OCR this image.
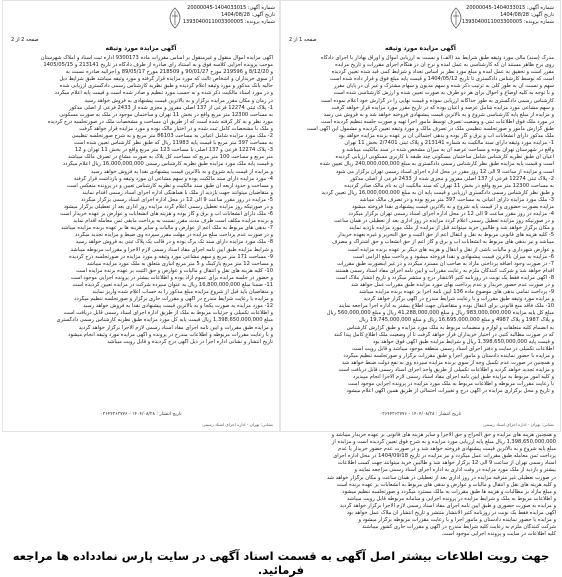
شماره آگهی: 1404033015-20000045
تاریخ آگهی: 1404/08/28
شماره پرونده: 1393040011003300005
صفحه 1 از 2
آگهی مزایده مورد وثیقه
مدرک (سند) مالی مورد وثیقه طبق شرایط بند (الف) و نسبت به ارزیابی اموال و اوراق بهادار با اجرای دادگاه
روی برج ظاهر مستند آن که کارشناسی به عمل آمده و نرخ آن در هنگام اجرای مقررات و تاریخ مزایده
مقرر است و تحقیق به عمل آمده و مبلغ مورد نظر بر اساس تعداد و شرایط کمی قید شده تعیین گردیده
است که توسط کارشناس دادگستری تا تاریخ 1404/05/12 و قیمت پایه مبلغ فوق و قرار داده شده است
سهم و نسبت آن به طور کلی به ترتیب ذکر شده و سهم مدیون و سهام مشترک و غیر آن در پایان مقرر
و با توجه به کلیه اوضاع و احوال برای هر دو طرف به صورت تعیین شده و ارزش کارشناسی شده است
کارشناس رسمی دادگستری به طور جداگانه ارزیابی نموده و قیمت نهایی را در گزارش خود اعلام نموده است
و سهم مشاعی مورد مزایده شامل عرصه و اعیان بوده که در تاریخ مقرر مورد مزایده قرار خواهد گرفت
و مزایده از مبلغ پایه کارشناسی شروع و به بالاترین قیمت پیشنهادی فروخته خواهد شد و به فروش می رسد
در مورد ملک فوق اطلاعات ثبتی و وضعیت تصرف توسط مامور اجرا تهیه و صورت جلسه تنظیم گردیده است
طبق گزارش مامور و صورتجلسه تنظیمی ملک در تصرف مالک و مورد وثیقه تعیین گردیده و مشمول این آگهی است
ملک مذکور دارای انشعابات آب و برق و گاز بوده و بدهی احتمالی آن بر عهده برنده مزایده خواهد بود
1- مزایده مورد وثیقه دارای سند مالکیت به شماره 213141 و پلاک ثبتی 2/7401 بخش 11 تهران
واقع در شهرستان تهران بوده و مساحت عرصه آن به میزان مشخص شده در سند مالکیت میباشد و
اعیان آن طبق نظریه کارشناس شامل ساختمان مسکونی چند طبقه با کاربری مسکونی ارزیابی گردیده
است و قیمت پایه مزایده طبق نظر کارشناس رسمی دادگستری به مبلغ 240,000,000,000 ریال تعیین شده
است و مزایده از ساعت 9 الی 12 روز مقرر در محل اداره اجرای اسناد رسمی تهران برگزار می شود
2- پلاک ثبتی 12274 فرعی از 137 اصلی مفروز و مجزی شده از 2433 فرعی از اصلی مذکور
به مساحت 12300 متر مربع واقع در بخش 11 تهران که سند مالکیت آن به نام مالک صادر گردیده
و طبق نظر کارشناس رسمی دادگستری ارزیابی و قیمت پایه آن به مبلغ 16,000,000,000 ریال تعیین گردید
3- ملک مورد مزایده دارای اعیانی به مساحت 397 متر مربع بوده و در تصرف مالک میباشد
مزایده بصورت حضوری و از قیمت پایه شروع و به بالاترین قیمت پیشنهادی نقدا فروخته میشود
4- مزایده در روز مقرر ساعت 9 الی 12 در محل اداره اجرای اسناد رسمی تهران برگزار میگردد
و در صورتیکه روز مزایده تعطیل رسمی اعلام گردد مزایده در روز اداری بعد از تعطیلی در همان ساعت
و مکان برگزار خواهد شد و طالبین خرید میتوانند قبل از مزایده از ملک مورد مزایده بازدید نمایند
5- کلیه هزینه های قانونی مربوط به نقل و انتقال اعم از حق الثبت و حق التحریر و غیره بعهده خریدار
میباشد و نیز بدهی های مربوط به انشعابات آب و برق و گاز اعم از حق انشعاب و حق اشتراک و مصرف
و عوارض شهرداری و مالیات ناشی از نقل و انتقال و هزینه های دیگر بر عهده برنده مزایده است
6- مزایده به میزان بالاترین قیمت پیشنهادی و نقدا فروخته میشود و پرداخت مبلغ الزامی است
7- در صورت وجود اضافه پرداختی مازاد به صاحب آن مسترد میگردد و در غیر اینصورت طبق مقررات
اقدام خواهد شد و شرکت کنندگان ملزم به رعایت مقررات و آیین نامه اجرای مفاد اسناد رسمی هستند
8- آگهی مزایده فقط یک نوبت در روزنامه کثیر الانتشار درج و منتشر میگردد و تاریخ انتشار ملاک است
و در صورت عدم حضور خریدار و عدم پرداخت بهای مورد مزایده طبق مقررات عمل خواهد شد
9- پرداخت تمامی بدهی های موضوع ماده 136 آیین نامه اجرا بر عهده برنده مزایده میباشد
و مزایده مورد وثیقه طبق مقررات و با رعایت شرایط مندرج در آگهی برگزار خواهد گردید
10- ملک فاقد منع قانونی برای انتقال بوده و متقاضیان جهت اطلاع بیشتر به اداره اجرا مراجعه نمایند
مبلغ کل پایه مزایده 983,000,000,000 ریال و مبلغ 41,288,000,000 ریال و مبلغ 560,000,000 ریال
و پلاک 1987 و پلاک 4987 و مبلغ 16,695,000,000 ریال و مبلغ 19,745,000,000 ریال
به انضمام کلیه متعلقات و لوازم و منضمات مربوط به ملک مورد مزایده و طبق گزارش کارشناس
که در صورت مطالبه کتبی در اختیار خریداران قرار خواهد گرفت تا از وضعیت ملک اطلاع کامل پیدا کنند
و قیمت پایه 1,398,650,000,000 ریال و شرایط مزایده طبق آگهی فوق خواهد بود
اطلاعات تکمیلی در سایت و دفتر اجرای اسناد رسمی منطقه موجود میباشد و قابل رویت است
و مزایده با حضور نماینده دادستان و مامور اجرا و طبق مقررات برگزار و صورتجلسه تنظیم میگردد
و همچنین در صورت عدم تکمیل وجه از سوی برنده مزایده سپرده وی به نفع دولت ضبط خواهد شد
و مزایده تجدید خواهد گردید و اطلاعات تکمیلی از طریق واحد اجرای اسناد رسمی قابل دریافت است
و کلیه امور مربوط به مزایده طبق آیین نامه اجرای مفاد اسناد رسمی لازم الاجرا انجام میپذیرد
با رعایت مقررات مربوطه و اطلاعات مربوط به ملک مورد مزایده در پرونده اجرایی موجود است
و تاریخ و محل برگزاری مزایده در آگهی درج و تغییرات احتمالی از طریق همین آگهی اعلام میشود
تاریخ انتشار : ۱۴۰۴/۰۸/۲۸ - ۰۲۶۴۴۲۶۲۷۷۶
نشانی: تهران - اداره اجرای اسناد رسمی
شماره آگهی: 1404033015-20000045
تاریخ آگهی: 1404/08/28
شماره پرونده: 1393040011003300005
صفحه 2 از 2
آگهی مزایده مورد وثیقه
آگهی مزایده اموال منقول و غیرمنقول بر اساس مقررات ماده 9300173 اداره ثبت اسناد و املاک شهرستان
موجب پرونده اجرایی کلاسه فوق و به استناد رای صادره از طرف دادگاه در تاریخ 213141 و 1405/05/15
و 8/12/20 و 219596 مورخ 90/01/27 و 218509 مورخ 89/05/17 و اجرائیه صادره نسبت به
از سوی خریداران و اشخاص ثالث که مورد مزایده قرار گرفته و مورد وثیقه میباشد طبق شرایط ذیل
حالیه بانک مذکور و مورد وثیقه اعلام گردیده و طبق نظریه کارشناس رسمی دادگستری ارزیابی شده
و در مورد اسناد مالکیت ذکر شده و به حسب مورد تنظیم و صادر شده است و قیمت پایه اعلام میگردد
در زمان و مکان مقرر مزایده برگزار و به بالاترین قیمت پیشنهادی به فروش خواهد رسید
1- پلاک ثبتی 12274 فرعی از 137 اصلی مفروز و مجزی شده از 2433 فرعی از اصلی مذکور
به مساحت 12300 متر مربع واقع در بخش 11 تهران و ساختمان موجود در ملک به صورت مسکونی
مورد نظر و به کار گرفته شده است که از طریق آن مساحت و مشخصات ملک در صورتجلسه درج گردیده
و ملک با مشخصات کامل ثبت شده و در اختیار مالک بوده و مورد مزایده قرار خواهد گرفت
2- ملک مورد مزایده شامل اعیانی به مساحت 86103 متر مربع و به شرح صورتجلسه تنظیمی
به مساحت 397 متر مربع با قیمت پایه 11983 ریال که طبق نظر کارشناس تعیین شده است
3- پلاک 12274 فرعی و 137 اصلی با مساحت 123 متر مربع واقع در بخش 11 تهران و 12
متر مربع و مساحت 100 متر مربع که مساحت کل پلاک به صورت مشاع در تصرف مالک میباشد
و قیمت پایه ملک مورد مزایده طبق نظریه کارشناس رسمی 16,000,000,000 ریال اعلام میگردد
و مزایده از قیمت پایه شروع و به بالاترین قیمت پیشنهادی نقدا به فروش خواهد رسید
4- مورد مزایده دارای سند مالکیت بوده و سهم مشاعی آن مورد وثیقه و بازداشت قرار گرفته
و مساحت و حدود اربعه آن طبق سند مالکیت و نظریه کارشناس تعیین و در پرونده منعکس است
و متقاضیان میتوانند جهت بازدید از ملک با هماهنگی اداره اجرای اسناد رسمی اقدام نمایند
5- مزایده در روز مقرر ساعت 9 الی 12 در محل اداره اجرای اسناد رسمی برگزار میگردد
و در صورتیکه روز مزایده تعطیل رسمی اعلام گردد مزایده روز اداری بعد از تعطیلی برگزار میشود
6- ملک دارای انشعابات آب و برق و گاز بوده و هزینه های انشعابات و عوارض بر عهده خریدار است
و برنده مزایده مکلف است ظرف مدت مقرر نسبت به پرداخت مابقی ثمن معامله اقدام نماید
7- بدهی های مربوط به ملک اعم از عوارض و مالیات و سایر هزینه ها بر عهده برنده مزایده میباشد
و در صورت عدم پرداخت مبلغ مزایده در مهلت مقرر سپرده وی ضبط و مزایده تجدید میگردد
8- ملک مورد مزایده دارای سند تک برگ بوده و در قالب یک پلاک ثبتی به فروش خواهد رسید
و شرایط مزایده طبق آیین نامه اجرای مفاد اسناد رسمی لازم الاجرا و مقررات مربوطه میباشد
9- مساحت 171 متر مربع و سهم مشاعی مورد وثیقه و مورد مزایده در صورتجلسه درج گردیده
و مساحت 12 متر مربع پارکینگ و 5 متر مربع انباری متعلق به ملک مورد مزایده میباشد
10- کلیه هزینه های نقل و انتقال و مالیات و عوارض و حق الثبت بر عهده برنده مزایده است
و حضور در جلسه مزایده برای عموم آزاد بوده و اطلاعات بیشتر در پرونده اجرایی موجود است
11- ضمنا مبلغ 16,800,000,000 ریال به عنوان سپرده شرکت در مزایده تعیین گردیده است
و متقاضیان باید قبل از شروع مزایده مبلغ مذکور را به حساب اعلام شده واریز نمایند
و مزایده با رعایت شرایط مندرج در آگهی و مقررات جاری برگزار و صورتجلسه تنظیم میگردد
12- مورد مزایده به صورت یکجا و به بالاترین قیمت پیشنهادی نقدا به فروش خواهد رسید
و اطلاعات تکمیلی و جزئیات مربوط به ملک از طریق اداره اجرای اسناد رسمی قابل دریافت است
مبلغ 1,398,650,000,000 ریال قیمت پایه کل مورد مزایده طبق نظریه کارشناس رسمی دادگستری
و مزایده طبق مقررات و آیین نامه اجرای مفاد اسناد رسمی لازم الاجرا برگزار خواهد گردید
و با رعایت مقررات مربوطه و اطلاعات مندرج در پرونده و آگهی مزایده مورد وثیقه انجام میشود
تاریخ انتشار و نشانی اداره اجرا در ذیل آگهی درج گردیده و قابل رویت میباشد
تاریخ انتشار : ۱۴۰۴/۰۸/۲۸ - ۰۲۶۴۴۲۶۲۷۷۶
نشانی: تهران - اداره اجرای اسناد رسمی
و همچنین هزینه های مزایده و حق الحراج و حق الاجرا و سایر هزینه های قانونی بر عهده خریدار میباشد و
1,398,650,000,000 ریال مبلغ پایه ارزیابی مورد مزایده و به شرح فوق تعیین گردیده است و مزایده از
مبلغ پایه شروع و به بالاترین قیمت پیشنهادی فروخته خواهد شد و در صورت عدم حضور خریدار یا عدم
پرداخت ثمن معامله طبق مقررات عمل میگردد و نیز مزایده در تاریخ 1404/09/18 در محل اداره اجرای
اسناد رسمی تهران از ساعت 9 الی 12 برگزار خواهد شد و طالبین خرید میتوانند جهت کسب اطلاعات
بیشتر و بازدید از ملک مورد مزایده در وقت اداری به اداره اجرای اسناد رسمی مراجعه نمایند و
در صورت تعطیلی غیر مترقبه مزایده در روز اداری بعد از تعطیلی در همان ساعت و مکان برگزار خواهد شد
و کلیه هزینه های نقل و انتقال و مالیات و عوارض و بدهی های مربوط به انشعابات بر عهده برنده است
و مبلغ مازاد بر مطالبات و هزینه ها طبق مقررات به مالک مسترد میگردد و صورتجلسه تنظیم میشود
و اطلاعات مربوط به ملک و شرایط مزایده در پرونده اجرایی و سامانه مربوطه قابل رویت میباشد
و مزایده به صورت حضوری و طبق آیین نامه اجرای مفاد اسناد رسمی لازم الاجرا برگزار خواهد گردید
آگهی مزایده فقط یک نوبت در روزنامه کثیر الانتشار منتشر و تاریخ انتشار آن ملاک عمل خواهد بود
و مزایده با حضور نماینده دادستان و مامور اجرا و با رعایت مقررات مربوطه برگزار میشود و
شرکت کنندگان ملزم به رعایت کلیه شرایط مندرج در آگهی و مقررات جاری کشور میباشند
کلیه اطلاعات در سایت و پرونده اجرایی موجود است.
جهت رویت اطلاعات بیشتر اصل آگهی به قسمت اسناد آگهی در سایت پارس نمادداده ها مراجعه فرمائید.
